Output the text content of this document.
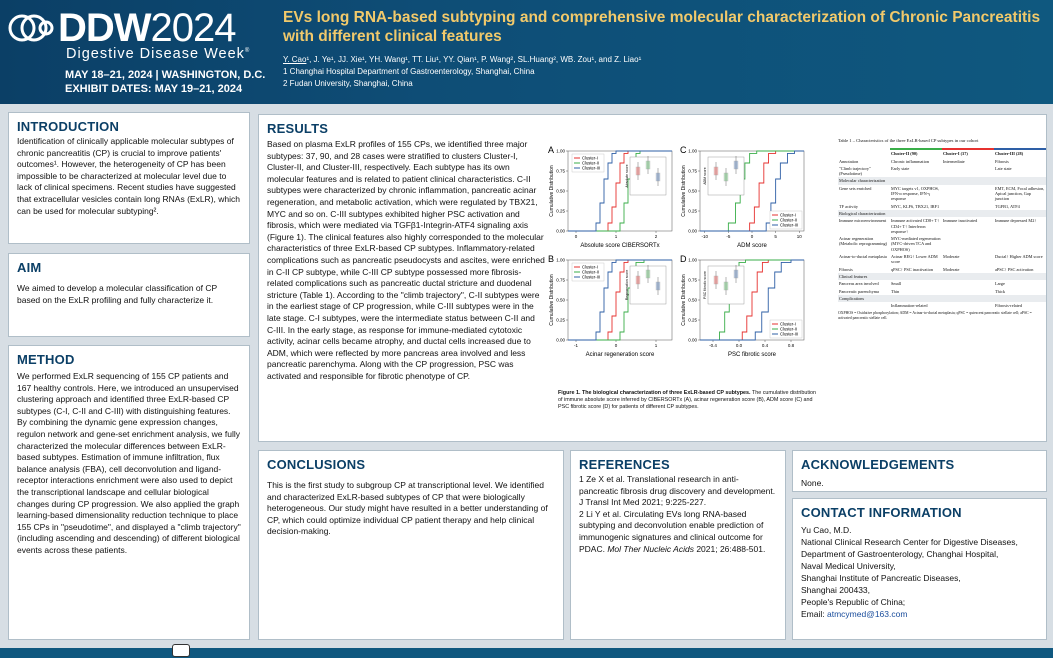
DDW2024
Digestive Disease Week®
MAY 18–21, 2024 | WASHINGTON, D.C.
EXHIBIT DATES: MAY 19–21, 2024
EVs long RNA-based subtyping and comprehensive molecular characterization of Chronic Pancreatitis with different clinical features
Y. Cao¹, J. Ye¹, JJ. Xie¹, YH. Wang¹, TT. Liu¹, YY. Qian¹, P. Wang², SL.Huang², WB. Zou¹, and Z. Liao¹
1 Changhai Hospital Department of Gastroenterology, Shanghai, China
2 Fudan University, Shanghai, China
INTRODUCTION

Identification of clinically applicable molecular subtypes of chronic pancreatitis (CP) is crucial to improve patients' outcomes¹. However, the heterogeneity of CP has been impossible to be characterized at molecular level due to lack of clinical specimens. Recent studies have suggested that extracellular vesicles contain long RNAs (ExLR), which can be used for molecular subtyping².

AIM

We aimed to develop a molecular classification of CP based on the ExLR profiling and fully characterize it.

METHOD

We performed ExLR sequencing of 155 CP patients and 167 healthy controls. Here, we introduced an unsupervised clustering approach and identified three ExLR-based CP subtypes (C-I, C-II and C-III) with distinguishing features. By combining the dynamic gene expression changes, regulon network and gene-set enrichment analysis, we fully characterized the molecular differences between ExLR-based subtypes. Estimation of immune infiltration, flux balance analysis (FBA), cell deconvolution and ligand-receptor interactions enrichment were also used to depict the transcriptional landscape and cellular biological changes during CP progression. We also applied the graph learning-based dimensionality reduction technique to place 155 CPs in "pseudotime", and displayed a "climb trajectory" (including ascending and descending) of different biological events across these patients.

RESULTS

Based on plasma ExLR profiles of 155 CPs, we identified three major subtypes: 37, 90, and 28 cases were stratified to clusters Cluster-I, Cluster-II, and Cluster-III, respectively. Each subtype has its own molecular features and is related to patient clinical characteristics. C-II subtypes were characterized by chronic inflammation, pancreatic acinar regeneration, and metabolic activation, which were regulated by TBX21, MYC and so on. C-III subtypes exhibited higher PSC activation and fibrosis, which were mediated via TGFβ1-Integrin-ATF4 signaling axis (Figure 1). The clinical features also highly corresponded to the molecular characteristics of three ExLR-based CP subtypes. Inflammatory-related complications such as pancreatic pseudocysts and ascites, were enriched in C-II CP subtype, while C-III CP subtype possessed more fibrosis-related complications such as pancreatic ductal stricture and duodenal stricture (Table 1). According to the "climb trajectory", C-II subtypes were in the earliest stage of CP progression, while C-III subtypes were in the late stage. C-I subtypes, were the intermediate status between C-II and C-III. In the early stage, as response for immune-mediated cytotoxic activity, acinar cells became atrophy, and ductal cells increased due to ADM, which were reflected by more pancreas area involved and less pancreatic parenchyma. Along with the CP progression, PSC was activated and responsible for fibrotic phenotype of CP.

A
0.00
0.25
0.50
0.75
1.00
0	1	2
Absolute score CIBERSORTx
Cumulative Distribution	Absolute score
Cluster-I
Cluster-II
Cluster-III
C
0.00
0.25
0.50
0.75
1.00
-10	-5	0	5	10
ADM score
Cumulative Distribution	ADM score
Cluster-I
Cluster-II
Cluster-III
B
0.00
0.25
0.50
0.75
1.00
-1	0	1
Acinar regeneration score
Cumulative Distribution	Regeneration score
Cluster-I
Cluster-II
Cluster-III
D
0.00
0.25
0.50
0.75
1.00
-0.4	0.0	0.4	0.8
PSC fibrotic score
Cumulative Distribution	PSC fibrotic score
Cluster-I
Cluster-II
Cluster-III
Figure 1. The biological characterization of three ExLR-based CP subtypes. The cumulative distribution of immune absolute score inferred by CIBERSORTx (A), acinar regeneration score (B), ADM score (C) and PSC fibrotic score (D) for patients of different CP subtypes.
Table 1 – Characteristics of the three ExLR-based CP subtypes in our cohort

	Cluster-II (90)	Cluster-I (37)	Cluster-III (28)
Annotation	Chronic inflammation	Intermediate	Fibrosis
"Climb trajectory" (Pseudotime)	Early state		Late state
Molecular characterization			
Gene sets enriched	MYC targets v1, OXPHOS, IFN-α response, IFN-γ response		EMT, ECM, Focal adhesion, Apical junction, Gap junction
TF activity	MYC, KLF6, TBX21, IRF1		TGFB1, ATF4
Biological characterization			
Immune microenvironment	Immune activated CD8+ T↑ CD4+ T↑ Interferon response↑	Immune inactivated	Immune depressed M2↑
Acinar regeneration (Metabolic reprogramming)	MYC-mediated regeneration (MYC-driven TCA and OXPHOS)		
Acinar-to-ductal metaplasia	Acinar REG↑ Lower ADM score	Moderate	Ductal↑ Higher ADM score
Fibrosis	qPSC↑ PSC inactivation	Moderate	aPSC↑ PSC activation
Clinical features			
Pancreas area involved	Small		Large
Pancreatic parenchyma	Thin		Thick
Complications			
	Inflammation-related		Fibrosis-related
OXPHOS = Oxidative phosphorylation; ADM = Acinar-to-ductal metaplasia; qPSC = quiescent pancreatic stellate cell; aPSC = activated pancreatic stellate cell.
CONCLUSIONS

This is the first study to subgroup CP at transcriptional level. We identified and characterized ExLR-based subtypes of CP that were biologically heterogeneous. Our study might have resulted in a better understanding of CP, which could optimize individual CP patient therapy and help clinical decision-making.

REFERENCES

1 Ze X et al. Translational research in anti-pancreatic fibrosis drug discovery and development. J Transl Int Med 2021; 9:225-227.

2 Li Y et al. Circulating EVs long RNA-based subtyping and deconvolution enable prediction of immunogenic signatures and clinical outcome for PDAC. Mol Ther Nucleic Acids 2021; 26:488-501.

ACKNOWLEDGEMENTS
None.
CONTACT INFORMATION

Yu Cao, M.D.

National Clinical Research Center for Digestive Diseases,

Department of Gastroenterology, Changhai Hospital,

Naval Medical University,

Shanghai Institute of Pancreatic Diseases,

Shanghai 200433,

People's Republic of China;

Email: atmcymed@163.com
